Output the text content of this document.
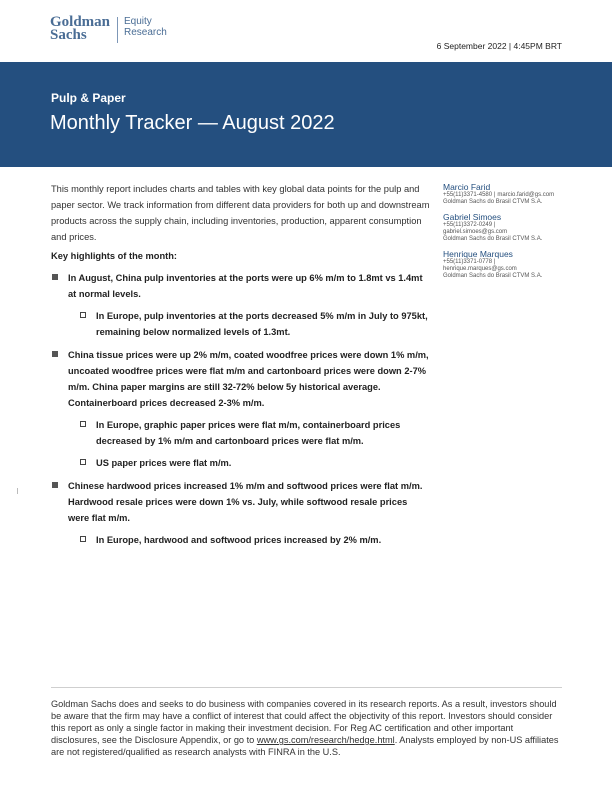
Goldman
Sachs
Equity
Research
6 September 2022 | 4:45PM BRT
Pulp & Paper
Monthly Tracker — August 2022

This monthly report includes charts and tables with key global data points for the pulp and paper sector. We track information from different data providers for both up and downstream products across the supply chain, including inventories, production, apparent consumption and prices.

Key highlights of the month:

In August, China pulp inventories at the ports were up 6% m/m to 1.8mt vs 1.4mt at normal levels.
In Europe, pulp inventories at the ports decreased 5% m/m in July to 975kt, remaining below normalized levels of 1.3mt.
China tissue prices were up 2% m/m, coated woodfree prices were down 1% m/m, uncoated woodfree prices were flat m/m and cartonboard prices were down 2-7% m/m. China paper margins are still 32-72% below 5y historical average. Containerboard prices decreased 2-3% m/m.
In Europe, graphic paper prices were flat m/m, containerboard prices decreased by 1% m/m and cartonboard prices were flat m/m.
US paper prices were flat m/m.
Chinese hardwood prices increased 1% m/m and softwood prices were flat m/m. Hardwood resale prices were down 1% vs. July, while softwood resale prices were flat m/m.
In Europe, hardwood and softwood prices increased by 2% m/m.
Marcio Farid
+55(11)3371-4580 | marcio.farid@gs.com
Goldman Sachs do Brasil CTVM S.A.
Gabriel Simoes
+55(11)3372-0249 |
gabriel.simoes@gs.com
Goldman Sachs do Brasil CTVM S.A.
Henrique Marques
+55(11)3371-0778 |
henrique.marques@gs.com
Goldman Sachs do Brasil CTVM S.A.

Goldman Sachs does and seeks to do business with companies covered in its research reports. As a result, investors should be aware that the firm may have a conflict of interest that could affect the objectivity of this report. Investors should consider this report as only a single factor in making their investment decision. For Reg AC certification and other important disclosures, see the Disclosure Appendix, or go to www.gs.com/research/hedge.html. Analysts employed by non-US affiliates are not registered/qualified as research analysts with FINRA in the U.S.
